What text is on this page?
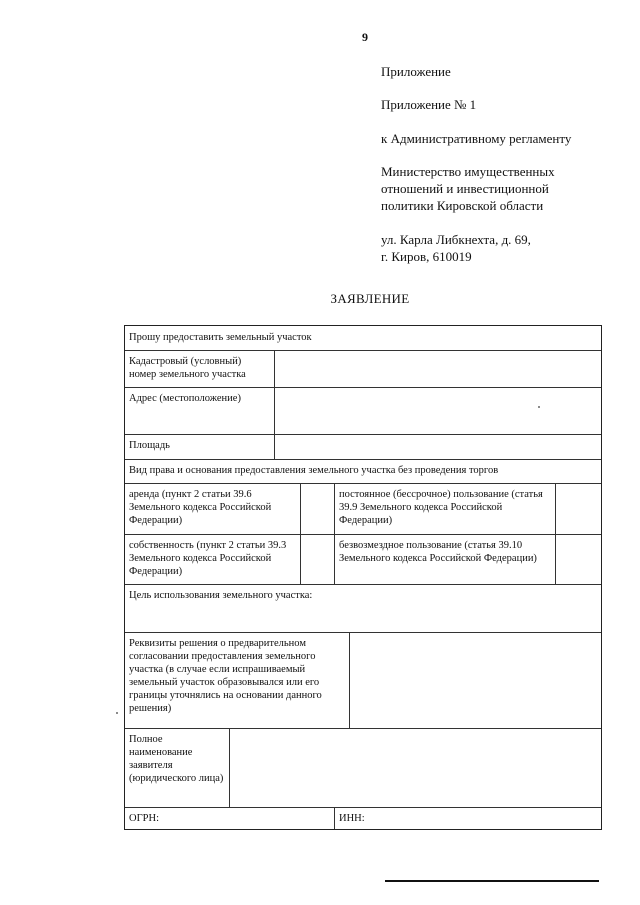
9
Приложение
Приложение № 1
к Административному регламенту
Министерство имущественных
отношений и инвестиционной
политики Кировской области
ул. Карла Либкнехта, д. 69,
г. Киров, 610019
ЗАЯВЛЕНИЕ
Прошу предоставить земельный участок
Кадастровый (условный) номер земельного участка
Адрес (местоположение)
Площадь
Вид права и основания предоставления земельного участка без проведения торгов
аренда (пункт 2 статьи 39.6 Земельного кодекса Российской Федерации)
постоянное (бессрочное) пользование (статья 39.9 Земельного кодекса Российской Федерации)
собственность (пункт 2 статьи 39.3 Земельного кодекса Российской Федерации)
безвозмездное пользование (статья 39.10 Земельного кодекса Российской Федерации)
Цель использования земельного участка:
Реквизиты решения о предварительном согласовании предоставления земельного участка (в случае если испрашиваемый земельный участок образовывался или его границы уточнялись на основании данного решения)
Полное наименование заявителя (юридического лица)
ОГРН:	ИНН:
